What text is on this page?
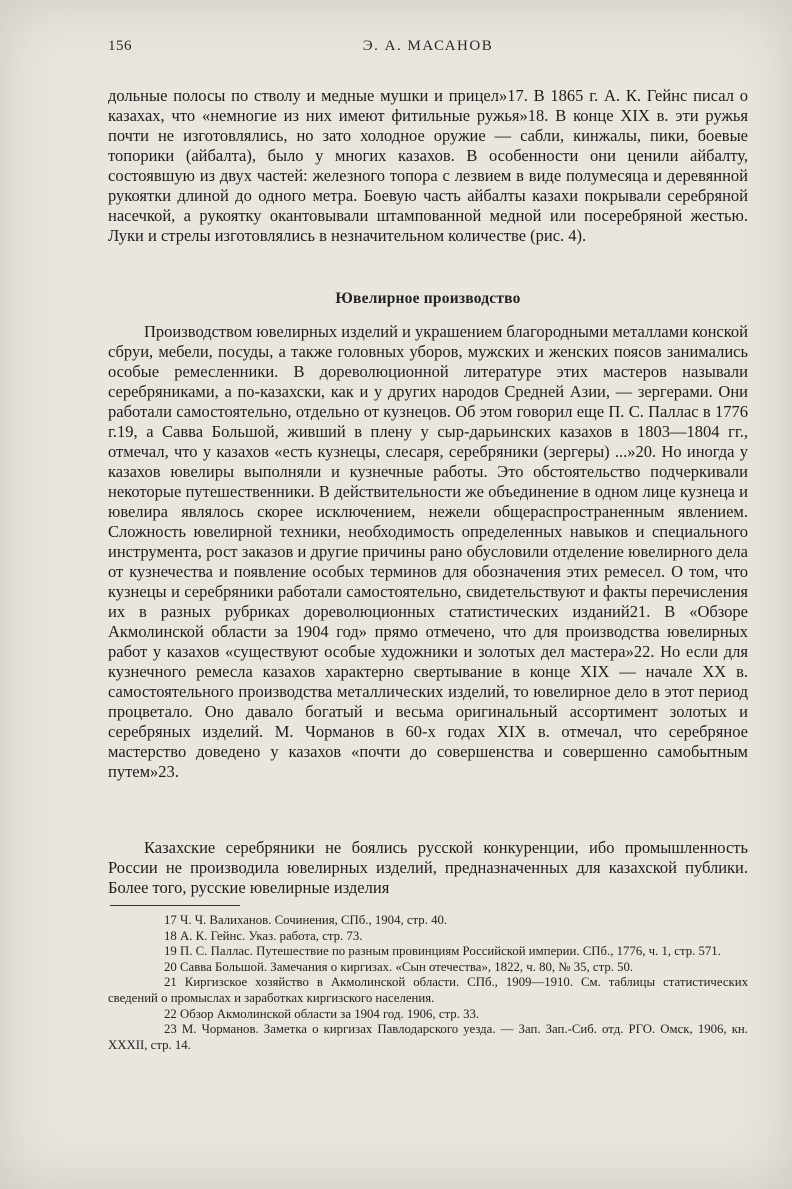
156	Э. А. МАСАНОВ

дольные полосы по стволу и медные мушки и прицел»17. В 1865 г. А. К. Гейнс писал о казахах, что «немногие из них имеют фитильные ружья»18. В конце XIX в. эти ружья почти не изготовлялись, но зато холодное оружие — сабли, кинжалы, пики, боевые топорики (айбалта), было у многих казахов. В особенности они ценили айбалту, состоявшую из двух частей: железного топора с лезвием в виде полумесяца и деревянной рукоятки длиной до одного метра. Боевую часть айбалты казахи покрывали серебряной насечкой, а рукоятку окантовывали штампованной медной или посеребряной жестью. Луки и стрелы изготовлялись в незначительном количестве (рис. 4).

Ювелирное производство

Производством ювелирных изделий и украшением благородными металлами конской сбруи, мебели, посуды, а также головных уборов, мужских и женских поясов занимались особые ремесленники. В дореволюционной литературе этих мастеров называли серебряниками, а по-казахски, как и у других народов Средней Азии, — зергерами. Они работали самостоятельно, отдельно от кузнецов. Об этом говорил еще П. С. Паллас в 1776 г.19, а Савва Большой, живший в плену у сыр-дарьинских казахов в 1803—1804 гг., отмечал, что у казахов «есть кузнецы, слесаря, серебряники (зергеры) ...»20. Но иногда у казахов ювелиры выполняли и кузнечные работы. Это обстоятельство подчеркивали некоторые путешественники. В действительности же объединение в одном лице кузнеца и ювелира являлось скорее исключением, нежели общераспространенным явлением. Сложность ювелирной техники, необходимость определенных навыков и специального инструмента, рост заказов и другие причины рано обусловили отделение ювелирного дела от кузнечества и появление особых терминов для обозначения этих ремесел. О том, что кузнецы и серебряники работали самостоятельно, свидетельствуют и факты перечисления их в разных рубриках дореволюционных статистических изданий21. В «Обзоре Акмолинской области за 1904 год» прямо отмечено, что для производства ювелирных работ у казахов «существуют особые художники и золотых дел мастера»22. Но если для кузнечного ремесла казахов характерно свертывание в конце XIX — начале XX в. самостоятельного производства металлических изделий, то ювелирное дело в этот период процветало. Оно давало богатый и весьма оригинальный ассортимент золотых и серебряных изделий. М. Чорманов в 60-х годах XIX в. отмечал, что серебряное мастерство доведено у казахов «почти до совершенства и совершенно самобытным путем»23.

Казахские серебряники не боялись русской конкуренции, ибо промышленность России не производила ювелирных изделий, предназначенных для казахской публики. Более того, русские ювелирные изделия

17 Ч. Ч. Валиханов. Сочинения, СПб., 1904, стр. 40.

18 А. К. Гейнс. Указ. работа, стр. 73.

19 П. С. Паллас. Путешествие по разным провинциям Российской империи. СПб., 1776, ч. 1, стр. 571.

20 Савва Большой. Замечания о киргизах. «Сын отечества», 1822, ч. 80, № 35, стр. 50.

21 Киргизское хозяйство в Акмолинской области. СПб., 1909—1910. См. таблицы статистических сведений о промыслах и заработках киргизского населения.

22 Обзор Акмолинской области за 1904 год. 1906, стр. 33.

23 М. Чорманов. Заметка о киргизах Павлодарского уезда. — Зап. Зап.-Сиб. отд. РГО. Омск, 1906, кн. XXXII, стр. 14.
